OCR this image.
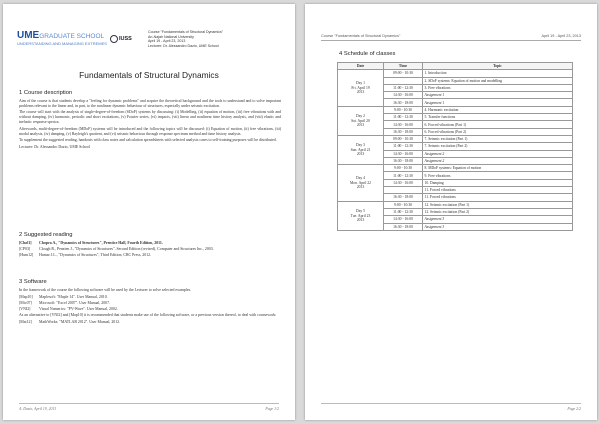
UMEGRADUATE SCHOOL
UNDERSTANDING AND MANAGING EXTREMES
IUSS
Course "Fundamentals of Structural Dynamics"
An-Najah National University
April 19 - April 23, 2013
Lecturer: Dr. Alessandro Dazio, UME School
Fundamentals of Structural Dynamics
1 Course description

Aim of the course is that students develop a "feeling for dynamic problems" and acquire the theoretical background and the tools to understand and to solve important problems relevant to the linear and, in part, to the nonlinear dynamic behaviour of structures, especially under seismic excitation.

The course will start with the analysis of single-degree-of-freedom (SDoF) systems by discussing: (i) Modelling, (ii) equation of motion, (iii) free vibrations with and without damping, (iv) harmonic, periodic and short excitations, (v) Fourier series, (vi) impacts, (vii) linear and nonlinear time history analysis, and (viii) elastic and inelastic response spectra.

Afterwards, multi-degree-of-freedom (MDoF) systems will be introduced and the following topics will be discussed: (i) Equation of motion, (ii) free vibrations, (iii) modal analysis, (iv) damping, (v) Rayleigh's quotient, and (vi) seismic behaviour through response spectrum method and time history analysis.

To supplement the suggested reading, handouts with class notes and calculation spreadsheets with selected analysis cases to self-training purposes will be distributed.

Lecturer: Dr. Alessandro Dazio, UME School

2 Suggested reading
[Chol1]	Chopra A., "Dynamics of Structures", Prentice Hall, Fourth Edition, 2011.
[CP03]	Clough R., Penzien J., "Dynamics of Structures", Second Edition (revised), Computer and Structures Inc., 2003.
[Hum12]	Humar J.L., "Dynamics of Structures", Third Edition, CRC Press, 2012.
3 Software

In the framework of the course the following software will be used by the Lecturer to solve selected examples.

[Map10]	Maplesoft: "Maple 14". User Manual, 2010.
[Mic07]	Microsoft: "Excel 2007". User Manual, 2007.
[VNI2]	Visual Numerics: "PV-Wave". User Manual, 2002.

As an alternative to [VNI2] and [Map10] it is recommended that students make use of the following software, or a previous version thereof, to deal with coursework:

[Mat12]	MathWorks: "MATLAB 2012". User Manual, 2012.
A. Dazio, April 19, 2013	Page 1/2
Course "Fundamentals of Structural Dynamics"	April 19 - April 23, 2013
4 Schedule of classes
Date	Time	Topic
Day 1
Fri. April 19
2013	09:00 - 10:30	1. Introduction
		2. SDoF systems: Equation of motion and modelling
	11:00 - 12:30	3. Free vibrations
	14:30 - 16:00	Assignment 1
	16:30 - 18:00	Assignment 1
Day 2
Sat. April 20
2013	9:00 - 10:30	4. Harmonic excitation
	11:00 - 12:30	5. Transfer functions
	14:30 - 16:00	6. Forced vibrations (Part 1)
	16:30 - 18:00	6. Forced vibrations (Part 2)
Day 3
Sun. April 21
2013	09:00 - 10:30	7. Seismic excitation (Part 1)
	11:00 - 12:30	7. Seismic excitation (Part 2)
	14:30 - 16:00	Assignment 2
	16:30 - 18:00	Assignment 2
Day 4
Mon. April 22
2013	9:00 - 10:30	8. MDoF systems: Equation of motion
	11:00 - 12:30	9. Free vibrations
	14:30 - 16:00	10. Damping
		11. Forced vibrations
	16:30 - 18:00	11. Forced vibrations
Day 5
Tue. April 23
2013	9:00 - 10:30	12. Seismic excitation (Part 1)
	11:00 - 12:30	12. Seismic excitation (Part 2)
	14:30 - 16:00	Assignment 3
	16:30 - 18:00	Assignment 3
Page 2/2
